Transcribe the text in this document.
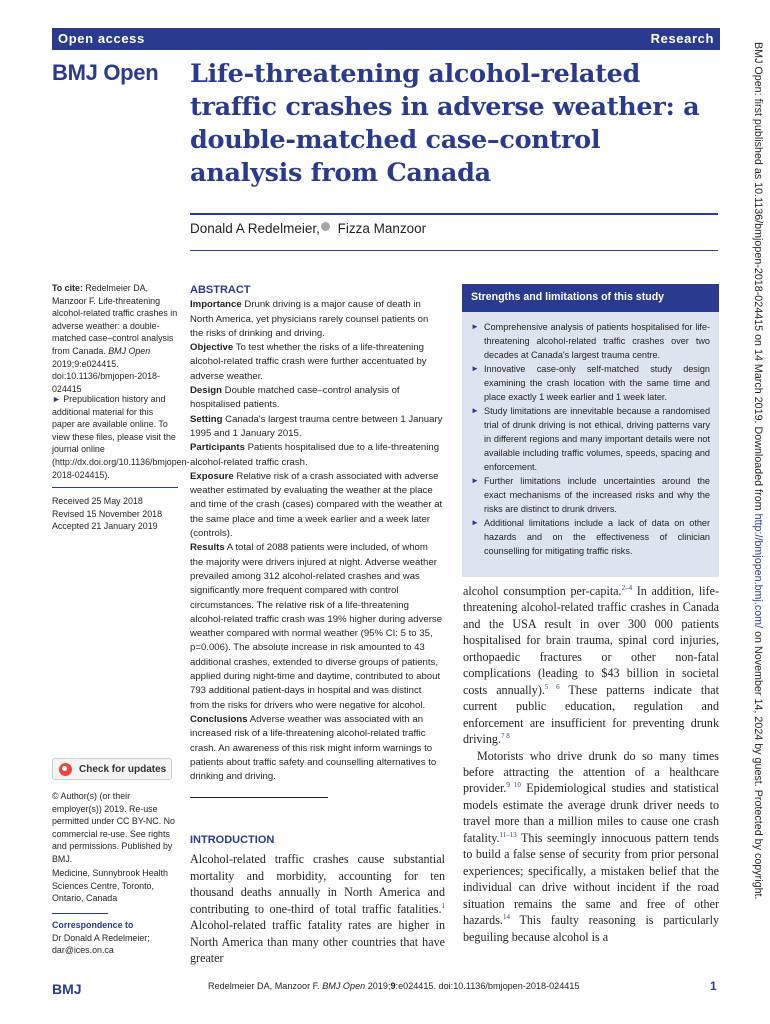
Open access	Research
BMJ Open Life-threatening alcohol-related traffic crashes in adverse weather: a double-matched case–control analysis from Canada
Donald A Redelmeier, Fizza Manzoor
To cite: Redelmeier DA, Manzoor F. Life-threatening alcohol-related traffic crashes in adverse weather: a double-matched case–control analysis from Canada. BMJ Open 2019;9:e024415. doi:10.1136/bmjopen-2018-024415
► Prepublication history and additional material for this paper are available online. To view these files, please visit the journal online (http://dx.doi.org/10.1136/bmjopen-2018-024415).
Received 25 May 2018
Revised 15 November 2018
Accepted 21 January 2019
Check for updates
© Author(s) (or their employer(s)) 2019. Re-use permitted under CC BY-NC. No commercial re-use. See rights and permissions. Published by BMJ.
Medicine, Sunnybrook Health Sciences Centre, Toronto, Ontario, Canada
Correspondence to
Dr Donald A Redelmeier;
dar@ices.on.ca
ABSTRACT
Importance Drunk driving is a major cause of death in North America, yet physicians rarely counsel patients on the risks of drinking and driving.
Objective To test whether the risks of a life-threatening alcohol-related traffic crash were further accentuated by adverse weather.
Design Double matched case–control analysis of hospitalised patients.
Setting Canada's largest trauma centre between 1 January 1995 and 1 January 2015.
Participants Patients hospitalised due to a life-threatening alcohol-related traffic crash.
Exposure Relative risk of a crash associated with adverse weather estimated by evaluating the weather at the place and time of the crash (cases) compared with the weather at the same place and time a week earlier and a week later (controls).
Results A total of 2088 patients were included, of whom the majority were drivers injured at night. Adverse weather prevailed among 312 alcohol-related crashes and was significantly more frequent compared with control circumstances. The relative risk of a life-threatening alcohol-related traffic crash was 19% higher during adverse weather compared with normal weather (95% CI: 5 to 35, p=0.006). The absolute increase in risk amounted to 43 additional crashes, extended to diverse groups of patients, applied during night-time and daytime, contributed to about 793 additional patient-days in hospital and was distinct from the risks for drivers who were negative for alcohol.
Conclusions Adverse weather was associated with an increased risk of a life-threatening alcohol-related traffic crash. An awareness of this risk might inform warnings to patients about traffic safety and counselling alternatives to drinking and driving.
INTRODUCTION
Alcohol-related traffic crashes cause substantial mortality and morbidity, accounting for ten thousand deaths annually in North America and contributing to one-third of total traffic fatalities.$^1$ Alcohol-related traffic fatality rates are higher in North America than many other countries that have greater
Strengths and limitations of this study
► Comprehensive analysis of patients hospitalised for life-threatening alcohol-related traffic crashes over two decades at Canada's largest trauma centre.
► Innovative case-only self-matched study design examining the crash location with the same time and place exactly 1 week earlier and 1 week later.
► Study limitations are innevitable because a randomised trial of drunk driving is not ethical, driving patterns vary in different regions and many important details were not available including traffic volumes, speeds, spacing and enforcement.
► Further limitations include uncertainties around the exact mechanisms of the increased risks and why the risks are distinct to drunk drivers.
► Additional limitations include a lack of data on other hazards and on the effectiveness of clinician counselling for mitigating traffic risks.

alcohol consumption per-capita.$^{2-4}$ In addition, life-threatening alcohol-related traffic crashes in Canada and the USA result in over 300 000 patients hospitalised for brain trauma, spinal cord injuries, orthopaedic fractures or other non-fatal complications (leading to $43 billion in societal costs annually).$^{5 6}$ These patterns indicate that current public education, regulation and enforcement are insufficient for preventing drunk driving.$^{7 8}$

Motorists who drive drunk do so many times before attracting the attention of a healthcare provider.$^{9 10}$ Epidemiological studies and statistical models estimate the average drunk driver needs to travel more than a million miles to cause one crash fatality.$^{11-13}$ This seemingly innocuous pattern tends to build a false sense of security from prior personal experiences; specifically, a mistaken belief that the individual can drive without incident if the road situation remains the same and free of other hazards.$^{14}$ This faulty reasoning is particularly beguiling because alcohol is a

BMJ Open: first published as 10.1136/bmjopen-2018-024415 on 14 March 2019. Downloaded from http://bmjopen.bmj.com/ on November 14, 2024 by guest. Protected by copyright.
BMJ	Redelmeier DA, Manzoor F. BMJ Open 2019;9:e024415. doi:10.1136/bmjopen-2018-024415	1
